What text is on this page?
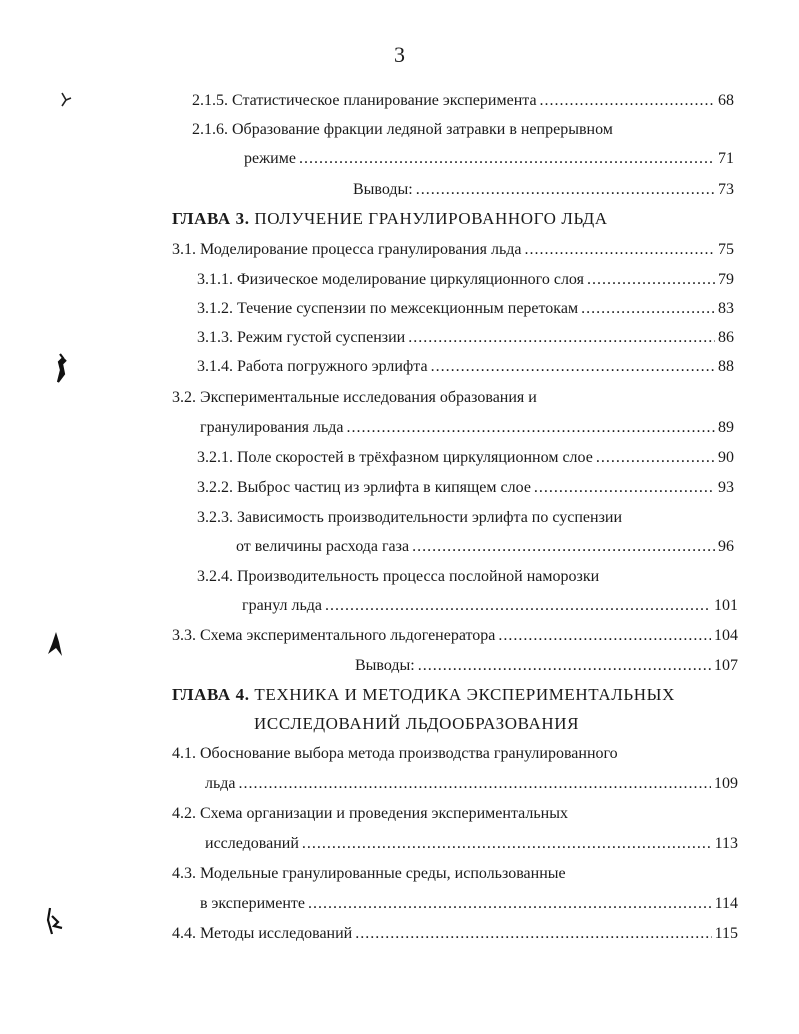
3
2.1.5. Статистическое планирование эксперимента .....	68
2.1.6. Образование фракции ледяной затравки в непрерывном
режиме .....	71
Выводы: .....	73
ГЛАВА 3. ПОЛУЧЕНИЕ ГРАНУЛИРОВАННОГО ЛЬДА
3.1. Моделирование процесса гранулирования льда .....	75
3.1.1. Физическое моделирование циркуляционного слоя .....	79
3.1.2. Течение суспензии по межсекционным перетокам .....	83
3.1.3. Режим густой суспензии .....	86
3.1.4. Работа погружного эрлифта .....	88
3.2. Экспериментальные исследования образования и
гранулирования льда .....	89
3.2.1. Поле скоростей в трёхфазном циркуляционном слое .....	90
3.2.2. Выброс частиц из эрлифта в кипящем слое .....	93
3.2.3. Зависимость производительности эрлифта по суспензии
от величины расхода газа .....	96
3.2.4. Производительность процесса послойной наморозки
гранул льда .....	101
3.3. Схема экспериментального льдогенератора .....	104
Выводы: .....	107
ГЛАВА 4. ТЕХНИКА И МЕТОДИКА ЭКСПЕРИМЕНТАЛЬНЫХ
ИССЛЕДОВАНИЙ ЛЬДООБРАЗОВАНИЯ
4.1. Обоснование выбора метода производства гранулированного
льда .....	109
4.2. Схема организации и проведения экспериментальных
исследований .....	113
4.3. Модельные гранулированные среды, использованные
в эксперименте .....	114
4.4. Методы исследований .....	115
